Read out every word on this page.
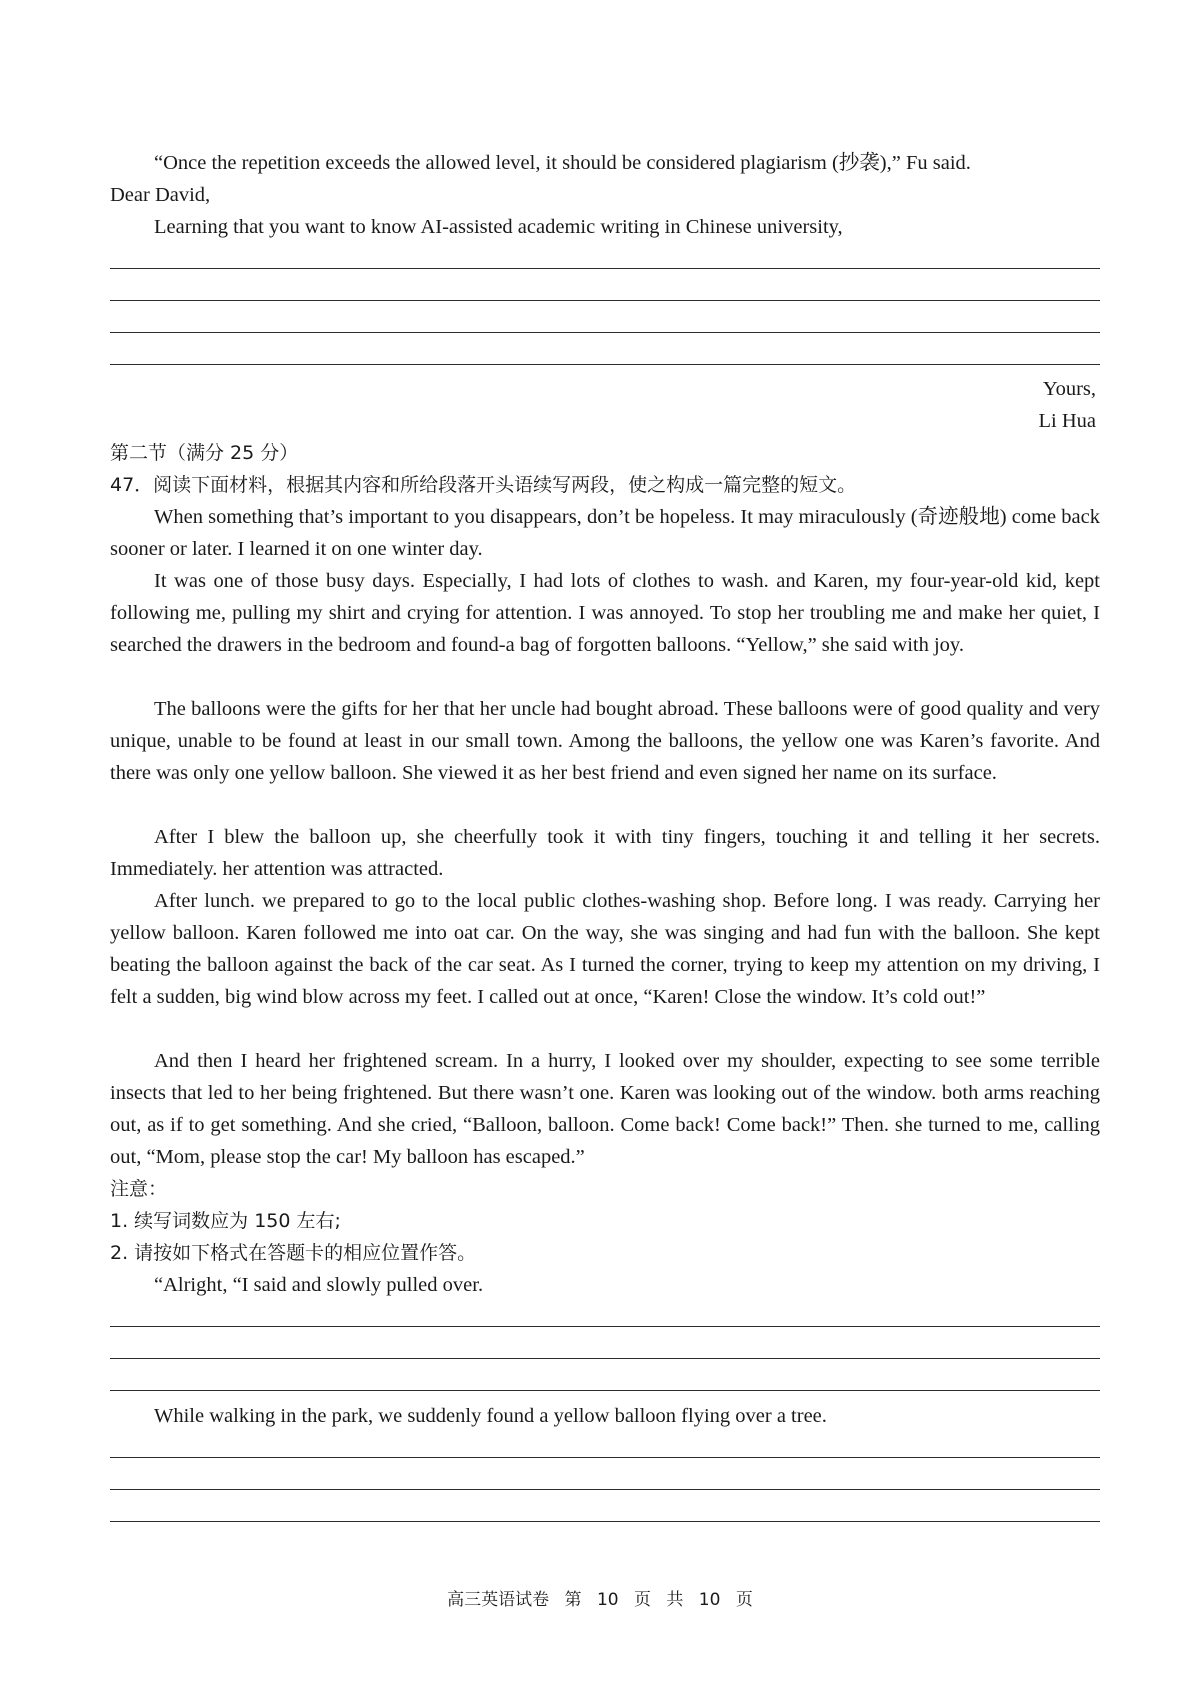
“Once the repetition exceeds the allowed level, it should be considered plagiarism (抄袭),” Fu said.
Dear David,
Learning that you want to know AI-assisted academic writing in Chinese university,
Yours,
Li Hua
第二节（满分 25 分）
47．阅读下面材料，根据其内容和所给段落开头语续写两段，使之构成一篇完整的短文。
When something that’s important to you disappears, don’t be hopeless. It may miraculously (奇迹般地) come back sooner or later. I learned it on one winter day.
It was one of those busy days. Especially, I had lots of clothes to wash. and Karen, my four-year-old kid, kept following me, pulling my shirt and crying for attention. I was annoyed. To stop her troubling me and make her quiet, I searched the drawers in the bedroom and found-a bag of forgotten balloons. “Yellow,” she said with joy.
The balloons were the gifts for her that her uncle had bought abroad. These balloons were of good quality and very unique, unable to be found at least in our small town. Among the balloons, the yellow one was Karen’s favorite. And there was only one yellow balloon. She viewed it as her best friend and even signed her name on its surface.
After I blew the balloon up, she cheerfully took it with tiny fingers, touching it and telling it her secrets. Immediately. her attention was attracted.
After lunch. we prepared to go to the local public clothes-washing shop. Before long. I was ready. Carrying her yellow balloon. Karen followed me into oat car. On the way, she was singing and had fun with the balloon. She kept beating the balloon against the back of the car seat. As I turned the corner, trying to keep my attention on my driving, I felt a sudden, big wind blow across my feet. I called out at once, “Karen! Close the window. It’s cold out!”
And then I heard her frightened scream. In a hurry, I looked over my shoulder, expecting to see some terrible insects that led to her being frightened. But there wasn’t one. Karen was looking out of the window. both arms reaching out, as if to get something. And she cried, “Balloon, balloon. Come back! Come back!” Then. she turned to me, calling out, “Mom, please stop the car! My balloon has escaped.”
注意：
1. 续写词数应为 150 左右;
2. 请按如下格式在答题卡的相应位置作答。
“Alright, “I said and slowly pulled over.
While walking in the park, we suddenly found a yellow balloon flying over a tree.
高三英语试卷 第 10 页 共 10 页
